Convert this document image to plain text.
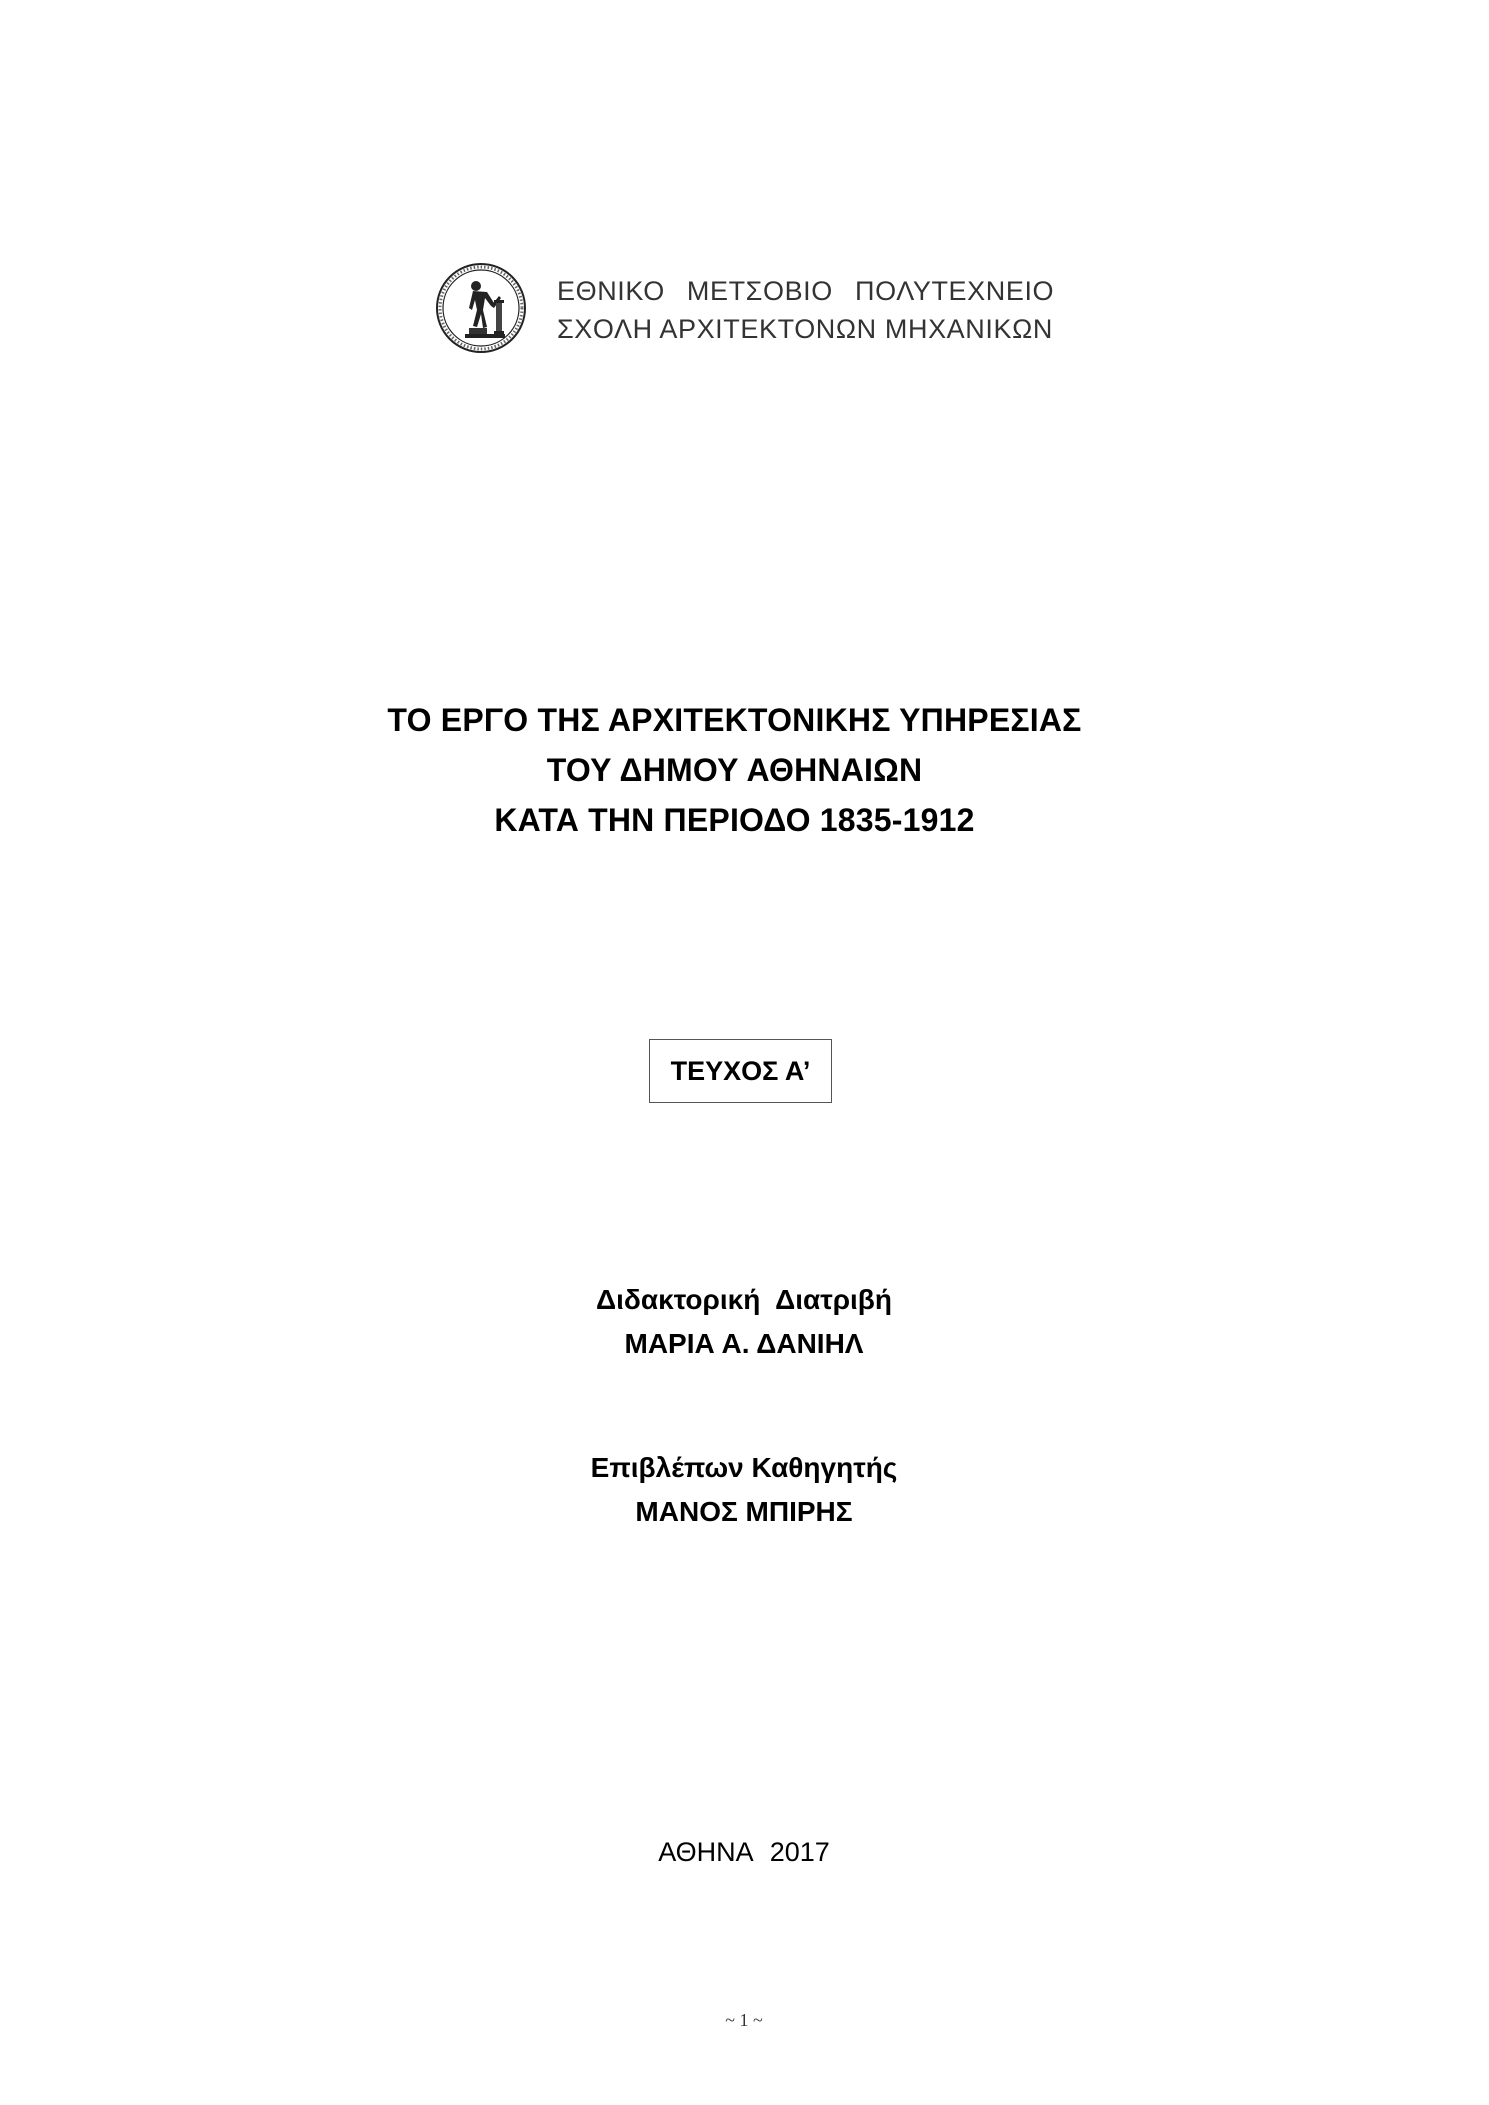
ΕΘΝΙΚΟ ΜΕΤΣΟΒΙΟ ΠΟΛΥΤΕΧΝΕΙΟ
ΣΧΟΛΗ ΑΡΧΙΤΕΚΤΟΝΩΝ ΜΗΧΑΝΙΚΩΝ
ΤΟ ΕΡΓΟ ΤΗΣ ΑΡΧΙΤΕΚΤΟΝΙΚΗΣ ΥΠΗΡΕΣΙΑΣ
ΤΟΥ ΔΗΜΟΥ ΑΘΗΝΑΙΩΝ
ΚΑΤΑ ΤΗΝ ΠΕΡΙΟΔΟ 1835-1912
ΤΕΥΧΟΣ Α’
Διδακτορική Διατριβή
ΜΑΡΙΑ Α. ΔΑΝΙΗΛ
Επιβλέπων Καθηγητής
ΜΑΝΟΣ ΜΠΙΡΗΣ
ΑΘΗΝΑ 2017
~ 1 ~
